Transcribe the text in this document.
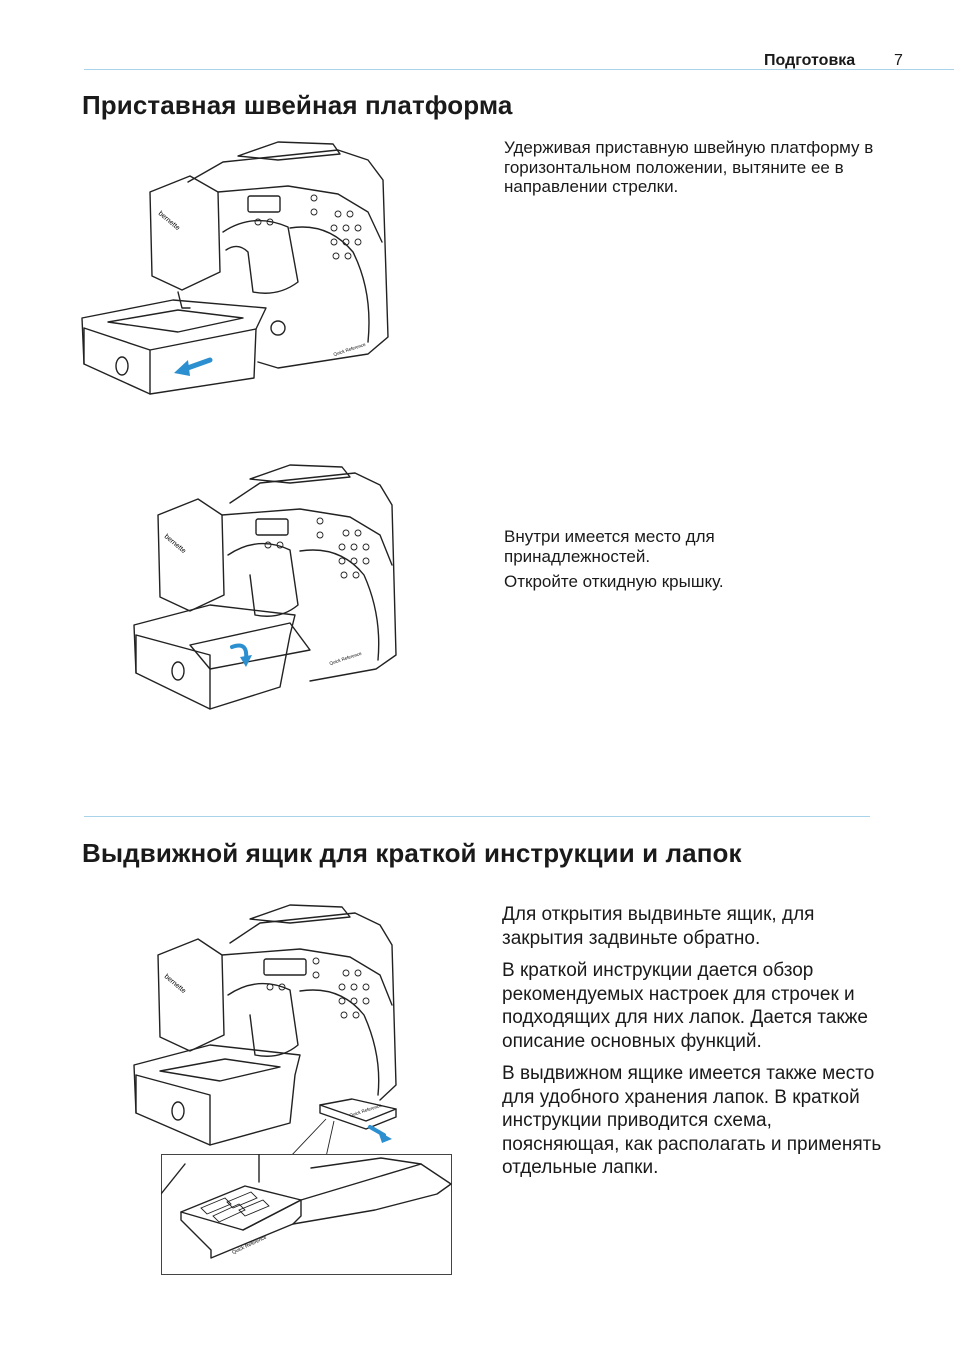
Подготовка 7
Приставная швейная платформа

Удерживая приставную швейную платформу в горизонтальном положении, вытяните ее в направлении стрелки.

bernette
Quick Reference

Внутри имеется место для принадлежностей.

Откройте откидную крышку.

bernette
Quick Reference
Выдвижной ящик для краткой инструкции и лапок

Для открытия выдвиньте ящик, для закрытия задвиньте обратно.

В краткой инструкции дается обзор рекомендуемых настроек для строчек и подходящих для них лапок. Дается также описание основных функций.

В выдвижном ящике имеется также место для удобного хранения лапок. В краткой инструкции приводится схема, поясняющая, как располагать и применять отдельные лапки.

bernette
Quick Reference
Quick Reference
